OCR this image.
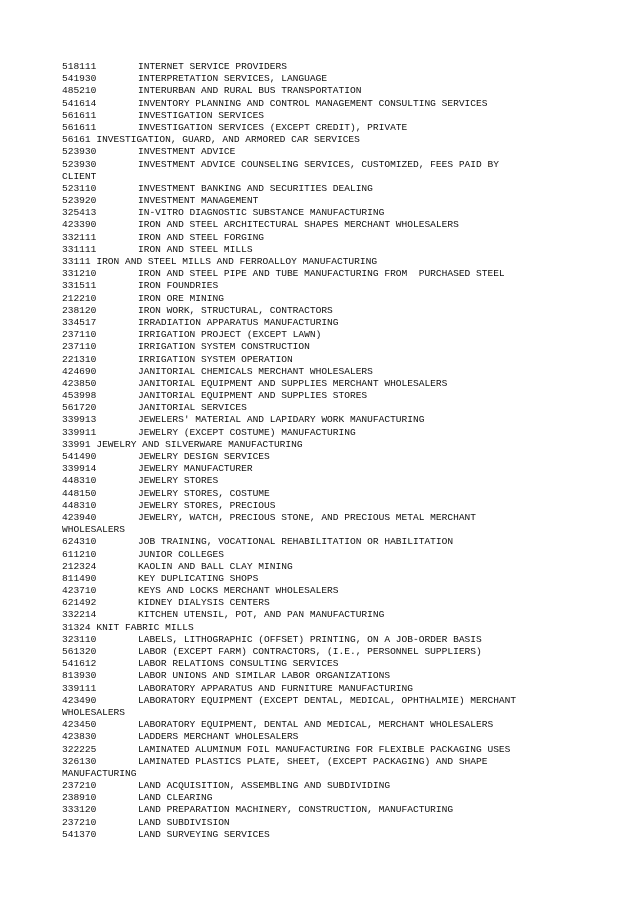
518111	INTERNET SERVICE PROVIDERS
541930	INTERPRETATION SERVICES, LANGUAGE
485210	INTERURBAN AND RURAL BUS TRANSPORTATION
541614	INVENTORY PLANNING AND CONTROL MANAGEMENT CONSULTING SERVICES
561611	INVESTIGATION SERVICES
561611	INVESTIGATION SERVICES (EXCEPT CREDIT), PRIVATE
56161 INVESTIGATION, GUARD, AND ARMORED CAR SERVICES
523930	INVESTMENT ADVICE
523930	INVESTMENT ADVICE COUNSELING SERVICES, CUSTOMIZED, FEES PAID BY
CLIENT
523110	INVESTMENT BANKING AND SECURITIES DEALING
523920	INVESTMENT MANAGEMENT
325413	IN-VITRO DIAGNOSTIC SUBSTANCE MANUFACTURING
423390	IRON AND STEEL ARCHITECTURAL SHAPES MERCHANT WHOLESALERS
332111	IRON AND STEEL FORGING
331111	IRON AND STEEL MILLS
33111 IRON AND STEEL MILLS AND FERROALLOY MANUFACTURING
331210	IRON AND STEEL PIPE AND TUBE MANUFACTURING FROM  PURCHASED STEEL
331511	IRON FOUNDRIES
212210	IRON ORE MINING
238120	IRON WORK, STRUCTURAL, CONTRACTORS
334517	IRRADIATION APPARATUS MANUFACTURING
237110	IRRIGATION PROJECT (EXCEPT LAWN)
237110	IRRIGATION SYSTEM CONSTRUCTION
221310	IRRIGATION SYSTEM OPERATION
424690	JANITORIAL CHEMICALS MERCHANT WHOLESALERS
423850	JANITORIAL EQUIPMENT AND SUPPLIES MERCHANT WHOLESALERS
453998	JANITORIAL EQUIPMENT AND SUPPLIES STORES
561720	JANITORIAL SERVICES
339913	JEWELERS' MATERIAL AND LAPIDARY WORK MANUFACTURING
339911	JEWELRY (EXCEPT COSTUME) MANUFACTURING
33991 JEWELRY AND SILVERWARE MANUFACTURING
541490	JEWELRY DESIGN SERVICES
339914	JEWELRY MANUFACTURER
448310	JEWELRY STORES
448150	JEWELRY STORES, COSTUME
448310	JEWELRY STORES, PRECIOUS
423940	JEWELRY, WATCH, PRECIOUS STONE, AND PRECIOUS METAL MERCHANT
WHOLESALERS
624310	JOB TRAINING, VOCATIONAL REHABILITATION OR HABILITATION
611210	JUNIOR COLLEGES
212324	KAOLIN AND BALL CLAY MINING
811490	KEY DUPLICATING SHOPS
423710	KEYS AND LOCKS MERCHANT WHOLESALERS
621492	KIDNEY DIALYSIS CENTERS
332214	KITCHEN UTENSIL, POT, AND PAN MANUFACTURING
31324 KNIT FABRIC MILLS
323110	LABELS, LITHOGRAPHIC (OFFSET) PRINTING, ON A JOB-ORDER BASIS
561320	LABOR (EXCEPT FARM) CONTRACTORS, (I.E., PERSONNEL SUPPLIERS)
541612	LABOR RELATIONS CONSULTING SERVICES
813930	LABOR UNIONS AND SIMILAR LABOR ORGANIZATIONS
339111	LABORATORY APPARATUS AND FURNITURE MANUFACTURING
423490	LABORATORY EQUIPMENT (EXCEPT DENTAL, MEDICAL, OPHTHALMIE) MERCHANT
WHOLESALERS
423450	LABORATORY EQUIPMENT, DENTAL AND MEDICAL, MERCHANT WHOLESALERS
423830	LADDERS MERCHANT WHOLESALERS
322225	LAMINATED ALUMINUM FOIL MANUFACTURING FOR FLEXIBLE PACKAGING USES
326130	LAMINATED PLASTICS PLATE, SHEET, (EXCEPT PACKAGING) AND SHAPE
MANUFACTURING
237210	LAND ACQUISITION, ASSEMBLING AND SUBDIVIDING
238910	LAND CLEARING
333120	LAND PREPARATION MACHINERY, CONSTRUCTION, MANUFACTURING
237210	LAND SUBDIVISION
541370	LAND SURVEYING SERVICES
